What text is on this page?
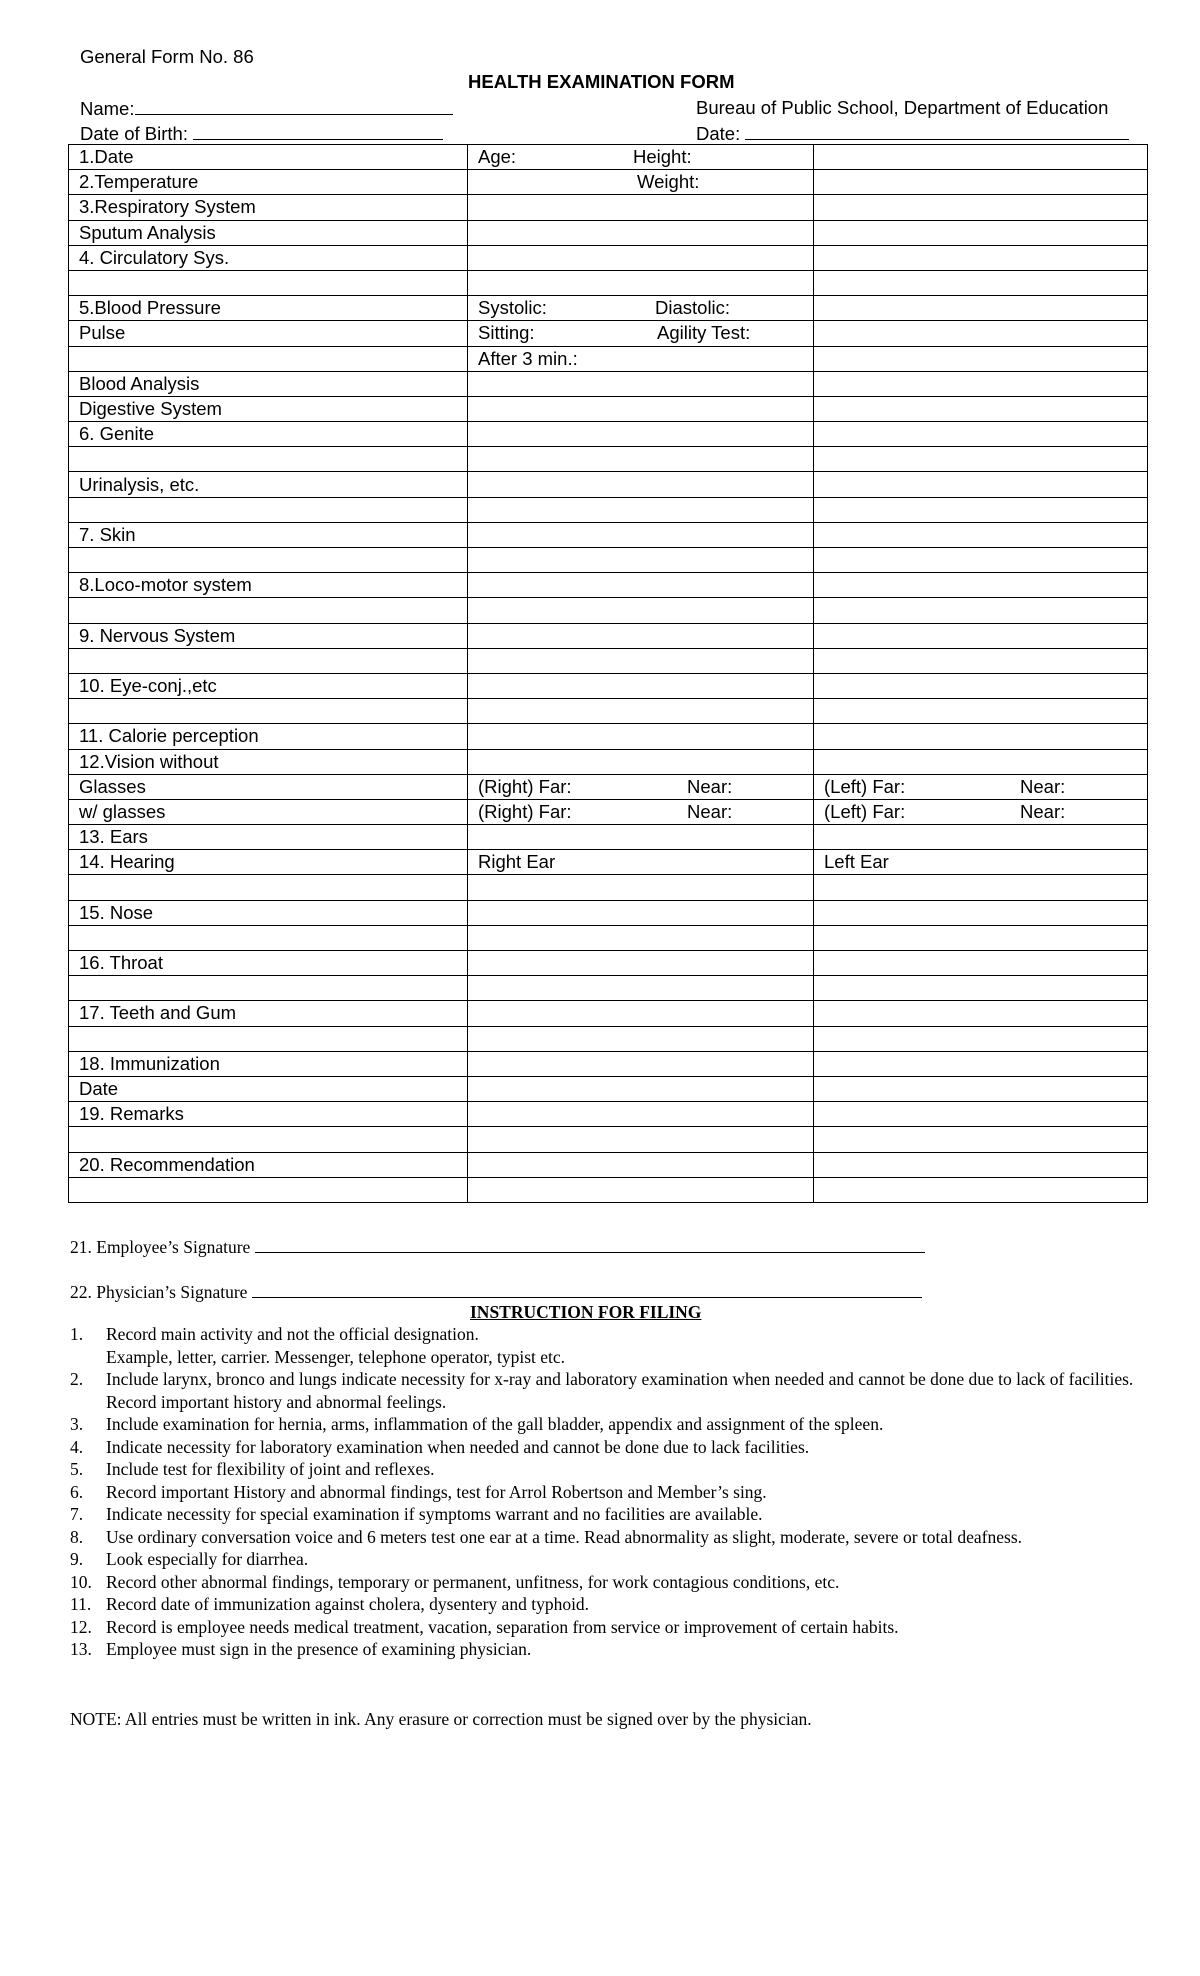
General Form No. 86
HEALTH EXAMINATION FORM
Name:	Bureau of Public School, Department of Education
Date of Birth:	Date:
1.Date	Age: Height:	

2.Temperature	Weight:	

3.Respiratory System		
Sputum Analysis		
4. Circulatory Sys.		

5.Blood Pressure	Systolic: Diastolic:	

Pulse	Sitting: Agility Test:	

	After 3 min.:	
Blood Analysis		
Digestive System		
6. Genite		

Urinalysis, etc.		

7. Skin		

8.Loco-motor system		

9. Nervous System		

10. Eye-conj.,etc		

11. Calorie perception		
12.Vision without		
Glasses	(Right) Far: Near:	(Left) Far: Near:

w/ glasses	(Right) Far: Near:	(Left) Far: Near:

13. Ears		
14. Hearing	Right Ear	Left Ear

15. Nose		

16. Throat		

17. Teeth and Gum		

18. Immunization		
Date		
19. Remarks		

20. Recommendation		

21. Employee’s Signature
22. Physician’s Signature
INSTRUCTION FOR FILING
1.	Record main activity and not the official designation.
Example, letter, carrier. Messenger, telephone operator, typist etc.
2.	Include larynx, bronco and lungs indicate necessity for x-ray and laboratory examination when needed and cannot be done due to lack of facilities. Record important history and abnormal feelings.
3.	Include examination for hernia, arms, inflammation of the gall bladder, appendix and assignment of the spleen.
4.	Indicate necessity for laboratory examination when needed and cannot be done due to lack facilities.
5.	Include test for flexibility of joint and reflexes.
6.	Record important History and abnormal findings, test for Arrol Robertson and Member’s sing.
7.	Indicate necessity for special examination if symptoms warrant and no facilities are available.
8.	Use ordinary conversation voice and 6 meters test one ear at a time. Read abnormality as slight, moderate, severe or total deafness.
9.	Look especially for diarrhea.
10. Record other abnormal findings, temporary or permanent, unfitness, for work contagious conditions, etc.
11. Record date of immunization against cholera, dysentery and typhoid.
12. Record is employee needs medical treatment, vacation, separation from service or improvement of certain habits.
13. Employee must sign in the presence of examining physician.
NOTE: All entries must be written in ink. Any erasure or correction must be signed over by the physician.
